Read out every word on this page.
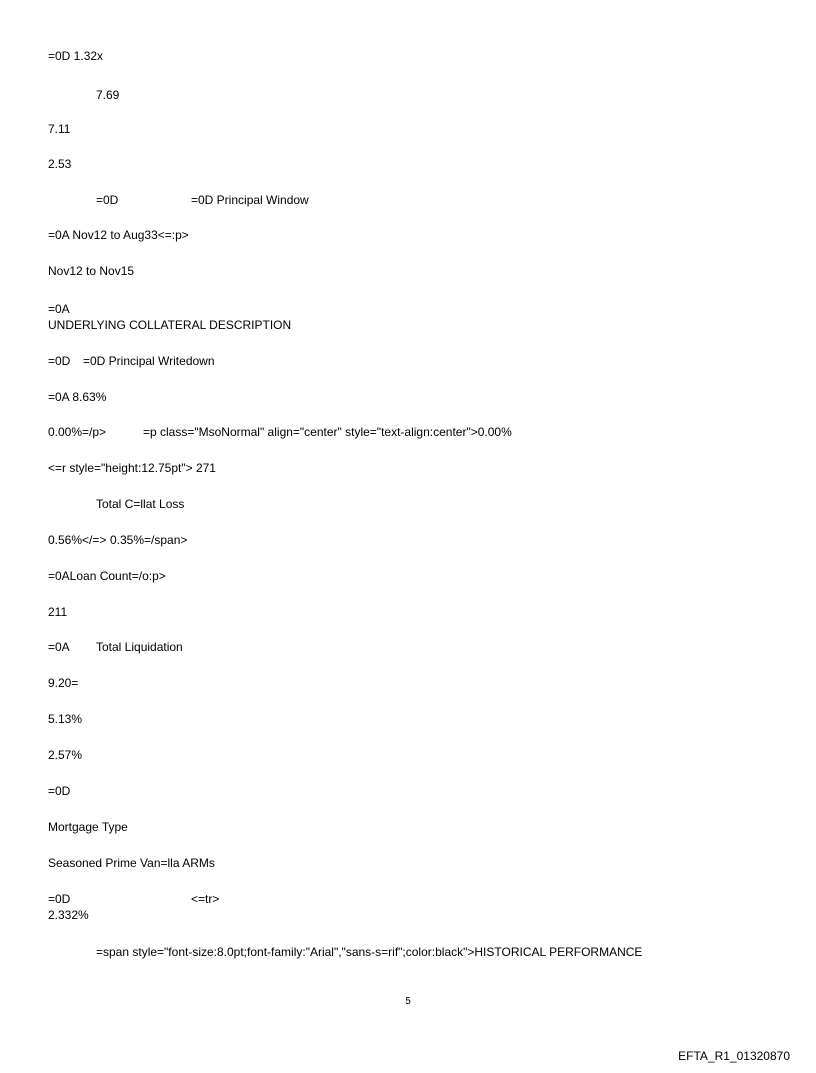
=0D 1.32x

7.69

7.11

2.53

=0D

	=0D Principal Window

=0A Nov12 to Aug33<=:p>

Nov12 to Nov15

=0A

UNDERLYING COLLATERAL DESCRIPTION

=0D

=0D Principal Writedown

=0A 8.63%

0.00%=/p>

	=p class="MsoNormal" align="center" style="text-align:center">0.00%

<=r style="height:12.75pt"> 271

Total C=llat Loss

0.56%</=>

0.35%=/span>

=0ALoan Count=/o:p>

211

=0A

Total Liquidation

9.20=

5.13%

2.57%

=0D

Mortgage Type

Seasoned Prime Van=lla ARMs

=0D

	<=tr>

2.332%

=span style="font-size:8.0pt;font-family:"Arial","sans-s=rif";color:black">HISTORICAL PERFORMANCE

5
EFTA_R1_01320870
